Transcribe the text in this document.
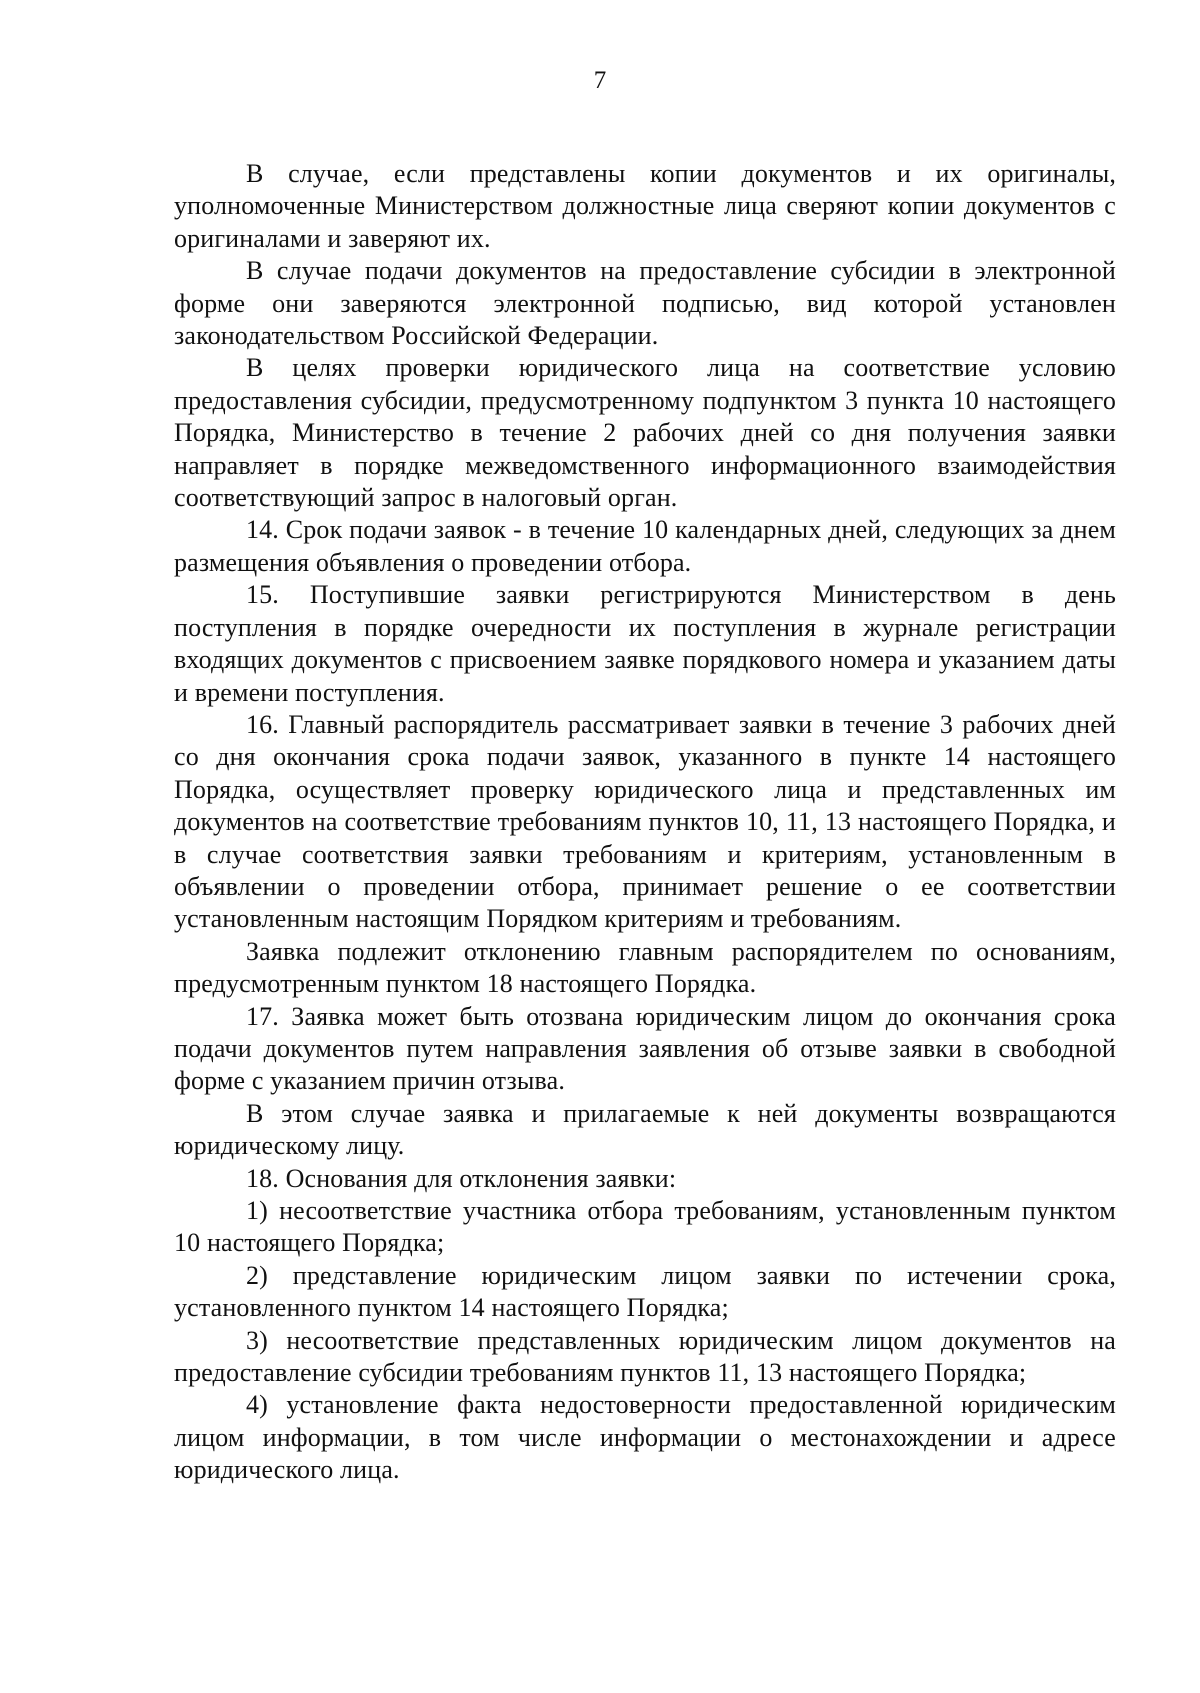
7

В случае, если представлены копии документов и их оригиналы, уполномоченные Министерством должностные лица сверяют копии документов с оригиналами и заверяют их.

В случае подачи документов на предоставление субсидии в электронной форме они заверяются электронной подписью, вид которой установлен законодательством Российской Федерации.

В целях проверки юридического лица на соответствие условию предоставления субсидии, предусмотренному подпунктом 3 пункта 10 настоящего Порядка, Министерство в течение 2 рабочих дней со дня получения заявки направляет в порядке межведомственного информационного взаимодействия соответствующий запрос в налоговый орган.

14. Срок подачи заявок - в течение 10 календарных дней, следующих за днем размещения объявления о проведении отбора.

15. Поступившие заявки регистрируются Министерством в день поступления в порядке очередности их поступления в журнале регистрации входящих документов с присвоением заявке порядкового номера и указанием даты и времени поступления.

16. Главный распорядитель рассматривает заявки в течение 3 рабочих дней со дня окончания срока подачи заявок, указанного в пункте 14 настоящего Порядка, осуществляет проверку юридического лица и представленных им документов на соответствие требованиям пунктов 10, 11, 13 настоящего Порядка, и в случае соответствия заявки требованиям и критериям, установленным в объявлении о проведении отбора, принимает решение о ее соответствии установленным настоящим Порядком критериям и требованиям.

Заявка подлежит отклонению главным распорядителем по основаниям, предусмотренным пунктом 18 настоящего Порядка.

17. Заявка может быть отозвана юридическим лицом до окончания срока подачи документов путем направления заявления об отзыве заявки в свободной форме с указанием причин отзыва.

В этом случае заявка и прилагаемые к ней документы возвращаются юридическому лицу.

18. Основания для отклонения заявки:

1) несоответствие участника отбора требованиям, установленным пунктом 10 настоящего Порядка;

2) представление юридическим лицом заявки по истечении срока, установленного пунктом 14 настоящего Порядка;

3) несоответствие представленных юридическим лицом документов на предоставление субсидии требованиям пунктов 11, 13 настоящего Порядка;

4) установление факта недостоверности предоставленной юридическим лицом информации, в том числе информации о местонахождении и адресе юридического лица.
